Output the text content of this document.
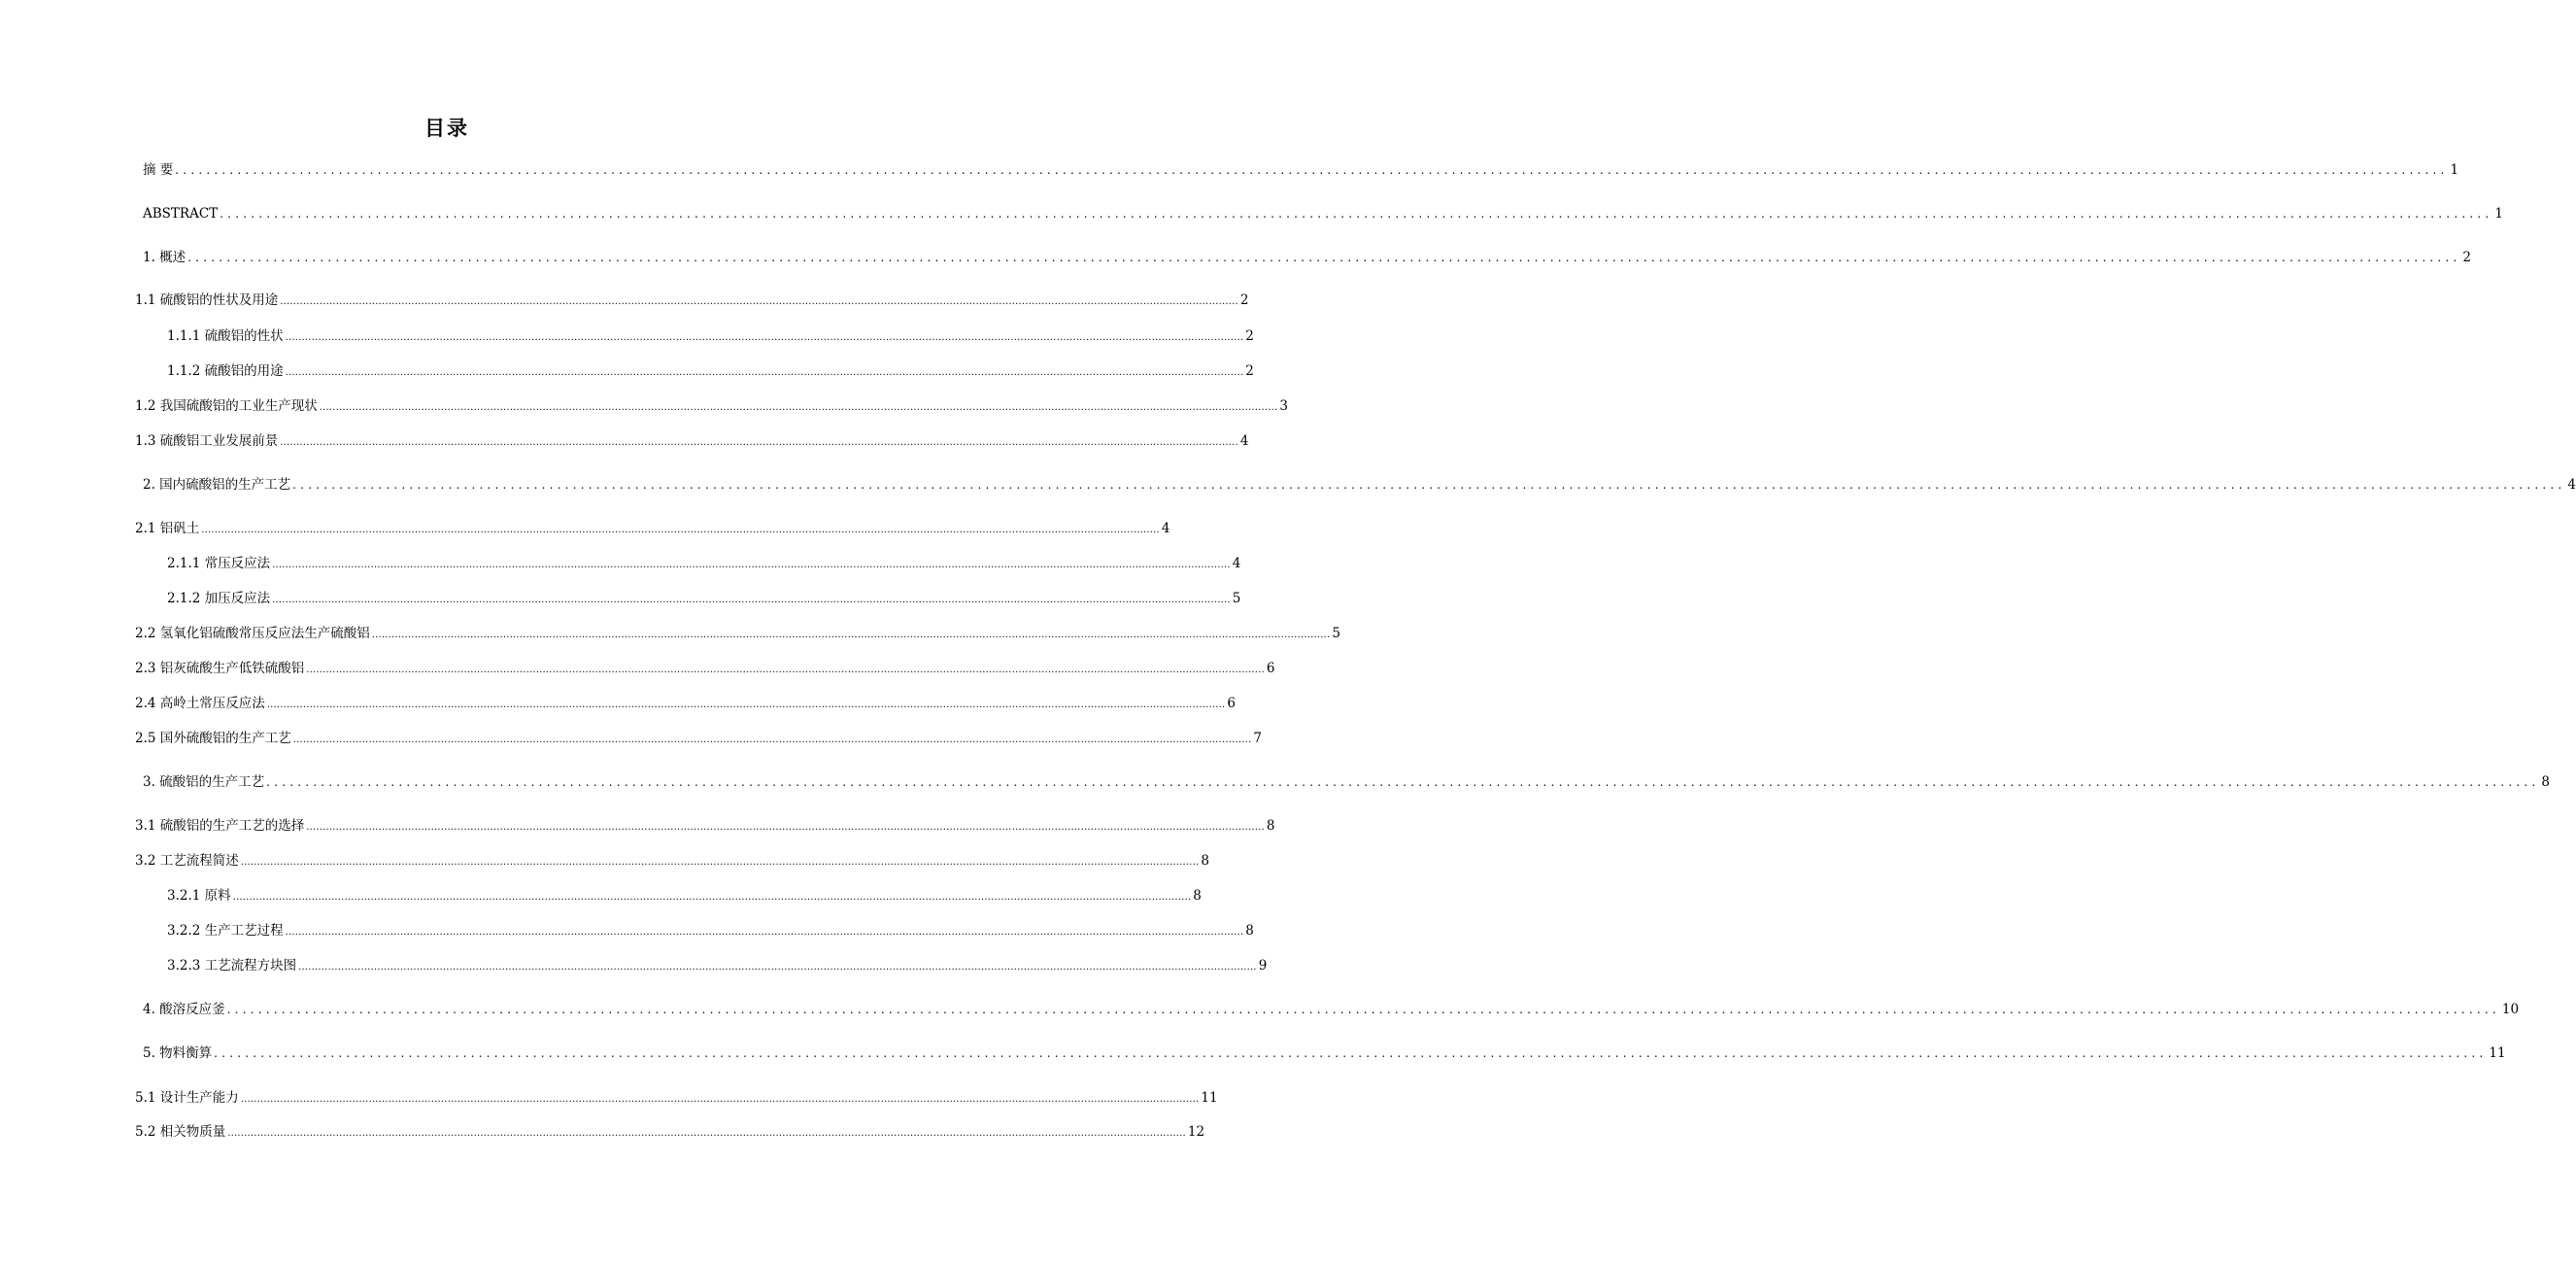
目录
摘 要 .................................................................................................................................................................................................................................................................................................... 1
ABSTRACT .................................................................................................................................................................................................................................................................................................... 1
1. 概述 .................................................................................................................................................................................................................................................................................................... 2
1.1 硫酸铝的性状及用途 .................................................................................................................................................................................................................................................................................................... 2
1.1.1 硫酸铝的性状 .................................................................................................................................................................................................................................................................................................... 2
1.1.2 硫酸铝的用途 .................................................................................................................................................................................................................................................................................................... 2
1.2 我国硫酸铝的工业生产现状 .................................................................................................................................................................................................................................................................................................... 3
1.3 硫酸铝工业发展前景 .................................................................................................................................................................................................................................................................................................... 4
2. 国内硫酸铝的生产工艺 .................................................................................................................................................................................................................................................................................................... 4
2.1 铝矾土 .................................................................................................................................................................................................................................................................................................... 4
2.1.1 常压反应法 .................................................................................................................................................................................................................................................................................................... 4
2.1.2 加压反应法 .................................................................................................................................................................................................................................................................................................... 5
2.2 氢氧化铝硫酸常压反应法生产硫酸铝 .................................................................................................................................................................................................................................................................................................... 5
2.3 铝灰硫酸生产低铁硫酸铝 .................................................................................................................................................................................................................................................................................................... 6
2.4 高岭土常压反应法 .................................................................................................................................................................................................................................................................................................... 6
2.5 国外硫酸铝的生产工艺 .................................................................................................................................................................................................................................................................................................... 7
3. 硫酸铝的生产工艺 .................................................................................................................................................................................................................................................................................................... 8
3.1 硫酸铝的生产工艺的选择 .................................................................................................................................................................................................................................................................................................... 8
3.2 工艺流程简述 .................................................................................................................................................................................................................................................................................................... 8
3.2.1 原料 .................................................................................................................................................................................................................................................................................................... 8
3.2.2 生产工艺过程 .................................................................................................................................................................................................................................................................................................... 8
3.2.3 工艺流程方块图 .................................................................................................................................................................................................................................................................................................... 9
4. 酸溶反应釜 .................................................................................................................................................................................................................................................................................................... 10
5. 物料衡算 .................................................................................................................................................................................................................................................................................................... 11
5.1 设计生产能力 .................................................................................................................................................................................................................................................................................................... 11
5.2 相关物质量 .................................................................................................................................................................................................................................................................................................... 12
